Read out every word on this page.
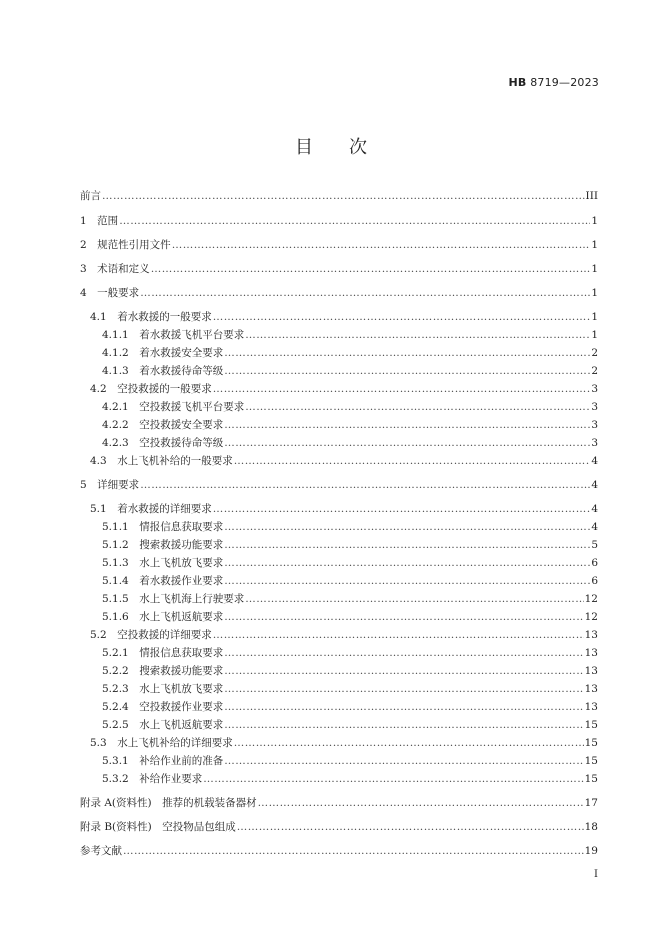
HB 8719—2023
目次
前言 ……………………………………………………………………………………………………………………………………………………………………………………………………………………………………	III
1　范围 ……………………………………………………………………………………………………………………………………………………………………………………………………………………………………	1
2　规范性引用文件 ……………………………………………………………………………………………………………………………………………………………………………………………………………………………………	1
3　术语和定义 ……………………………………………………………………………………………………………………………………………………………………………………………………………………………………	1
4　一般要求 ……………………………………………………………………………………………………………………………………………………………………………………………………………………………………	1
4.1　着水救援的一般要求 ……………………………………………………………………………………………………………………………………………………………………………………………………………………………………	1
4.1.1　着水救援飞机平台要求 ……………………………………………………………………………………………………………………………………………………………………………………………………………………………………	1
4.1.2　着水救援安全要求 ……………………………………………………………………………………………………………………………………………………………………………………………………………………………………	2
4.1.3　着水救援待命等级 ……………………………………………………………………………………………………………………………………………………………………………………………………………………………………	2
4.2　空投救援的一般要求 ……………………………………………………………………………………………………………………………………………………………………………………………………………………………………	3
4.2.1　空投救援飞机平台要求 ……………………………………………………………………………………………………………………………………………………………………………………………………………………………………	3
4.2.2　空投救援安全要求 ……………………………………………………………………………………………………………………………………………………………………………………………………………………………………	3
4.2.3　空投救援待命等级 ……………………………………………………………………………………………………………………………………………………………………………………………………………………………………	3
4.3　水上飞机补给的一般要求 ……………………………………………………………………………………………………………………………………………………………………………………………………………………………………	4
5　详细要求 ……………………………………………………………………………………………………………………………………………………………………………………………………………………………………	4
5.1　着水救援的详细要求 ……………………………………………………………………………………………………………………………………………………………………………………………………………………………………	4
5.1.1　情报信息获取要求 ……………………………………………………………………………………………………………………………………………………………………………………………………………………………………	4
5.1.2　搜索救援功能要求 ……………………………………………………………………………………………………………………………………………………………………………………………………………………………………	5
5.1.3　水上飞机放飞要求 ……………………………………………………………………………………………………………………………………………………………………………………………………………………………………	6
5.1.4　着水救援作业要求 ……………………………………………………………………………………………………………………………………………………………………………………………………………………………………	6
5.1.5　水上飞机海上行驶要求 ……………………………………………………………………………………………………………………………………………………………………………………………………………………………………	12
5.1.6　水上飞机返航要求 ……………………………………………………………………………………………………………………………………………………………………………………………………………………………………	12
5.2　空投救援的详细要求 ……………………………………………………………………………………………………………………………………………………………………………………………………………………………………	13
5.2.1　情报信息获取要求 ……………………………………………………………………………………………………………………………………………………………………………………………………………………………………	13
5.2.2　搜索救援功能要求 ……………………………………………………………………………………………………………………………………………………………………………………………………………………………………	13
5.2.3　水上飞机放飞要求 ……………………………………………………………………………………………………………………………………………………………………………………………………………………………………	13
5.2.4　空投救援作业要求 ……………………………………………………………………………………………………………………………………………………………………………………………………………………………………	13
5.2.5　水上飞机返航要求 ……………………………………………………………………………………………………………………………………………………………………………………………………………………………………	15
5.3　水上飞机补给的详细要求 ……………………………………………………………………………………………………………………………………………………………………………………………………………………………………	15
5.3.1　补给作业前的准备 ……………………………………………………………………………………………………………………………………………………………………………………………………………………………………	15
5.3.2　补给作业要求 ……………………………………………………………………………………………………………………………………………………………………………………………………………………………………	15
附录 A(资料性)　推荐的机载装备器材 ……………………………………………………………………………………………………………………………………………………………………………………………………………………………………	17
附录 B(资料性)　空投物品包组成 ……………………………………………………………………………………………………………………………………………………………………………………………………………………………………	18
参考文献 ……………………………………………………………………………………………………………………………………………………………………………………………………………………………………	19
I
